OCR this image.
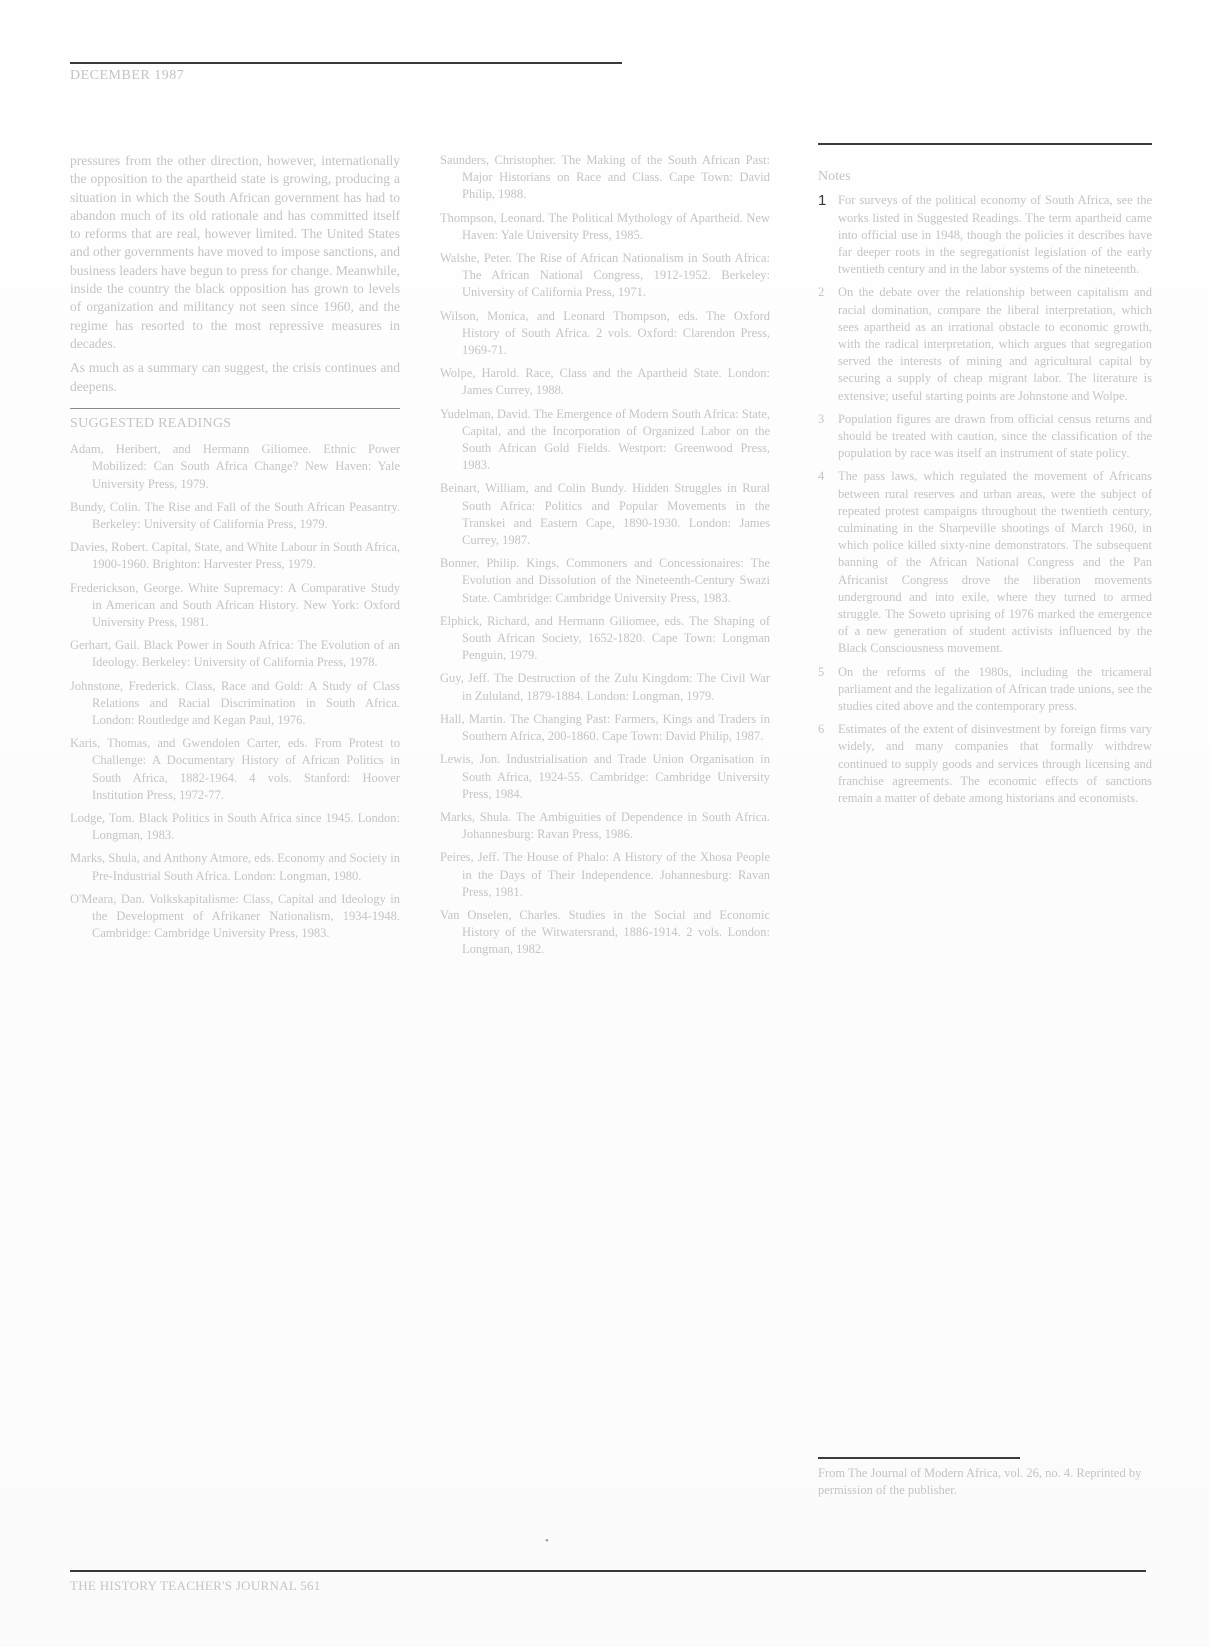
DECEMBER 1987

pressures from the other direction, however, internationally the opposition to the apartheid state is growing, producing a situation in which the South African government has had to abandon much of its old rationale and has committed itself to reforms that are real, however limited. The United States and other governments have moved to impose sanctions, and business leaders have begun to press for change. Meanwhile, inside the country the black opposition has grown to levels of organization and militancy not seen since 1960, and the regime has resorted to the most repressive measures in decades.

As much as a summary can suggest, the crisis continues and deepens.

SUGGESTED READINGS
Adam, Heribert, and Hermann Giliomee. Ethnic Power Mobilized: Can South Africa Change? New Haven: Yale University Press, 1979.
Bundy, Colin. The Rise and Fall of the South African Peasantry. Berkeley: University of California Press, 1979.
Davies, Robert. Capital, State, and White Labour in South Africa, 1900-1960. Brighton: Harvester Press, 1979.
Frederickson, George. White Supremacy: A Comparative Study in American and South African History. New York: Oxford University Press, 1981.
Gerhart, Gail. Black Power in South Africa: The Evolution of an Ideology. Berkeley: University of California Press, 1978.
Johnstone, Frederick. Class, Race and Gold: A Study of Class Relations and Racial Discrimination in South Africa. London: Routledge and Kegan Paul, 1976.
Karis, Thomas, and Gwendolen Carter, eds. From Protest to Challenge: A Documentary History of African Politics in South Africa, 1882-1964. 4 vols. Stanford: Hoover Institution Press, 1972-77.
Lodge, Tom. Black Politics in South Africa since 1945. London: Longman, 1983.
Marks, Shula, and Anthony Atmore, eds. Economy and Society in Pre-Industrial South Africa. London: Longman, 1980.
O'Meara, Dan. Volkskapitalisme: Class, Capital and Ideology in the Development of Afrikaner Nationalism, 1934-1948. Cambridge: Cambridge University Press, 1983.
Saunders, Christopher. The Making of the South African Past: Major Historians on Race and Class. Cape Town: David Philip, 1988.
Thompson, Leonard. The Political Mythology of Apartheid. New Haven: Yale University Press, 1985.
Walshe, Peter. The Rise of African Nationalism in South Africa: The African National Congress, 1912-1952. Berkeley: University of California Press, 1971.
Wilson, Monica, and Leonard Thompson, eds. The Oxford History of South Africa. 2 vols. Oxford: Clarendon Press, 1969-71.
Wolpe, Harold. Race, Class and the Apartheid State. London: James Currey, 1988.
Yudelman, David. The Emergence of Modern South Africa: State, Capital, and the Incorporation of Organized Labor on the South African Gold Fields. Westport: Greenwood Press, 1983.
Beinart, William, and Colin Bundy. Hidden Struggles in Rural South Africa: Politics and Popular Movements in the Transkei and Eastern Cape, 1890-1930. London: James Currey, 1987.
Bonner, Philip. Kings, Commoners and Concessionaires: The Evolution and Dissolution of the Nineteenth-Century Swazi State. Cambridge: Cambridge University Press, 1983.
Elphick, Richard, and Hermann Giliomee, eds. The Shaping of South African Society, 1652-1820. Cape Town: Longman Penguin, 1979.
Guy, Jeff. The Destruction of the Zulu Kingdom: The Civil War in Zululand, 1879-1884. London: Longman, 1979.
Hall, Martin. The Changing Past: Farmers, Kings and Traders in Southern Africa, 200-1860. Cape Town: David Philip, 1987.
Lewis, Jon. Industrialisation and Trade Union Organisation in South Africa, 1924-55. Cambridge: Cambridge University Press, 1984.
Marks, Shula. The Ambiguities of Dependence in South Africa. Johannesburg: Ravan Press, 1986.
Peires, Jeff. The House of Phalo: A History of the Xhosa People in the Days of Their Independence. Johannesburg: Ravan Press, 1981.
Van Onselen, Charles. Studies in the Social and Economic History of the Witwatersrand, 1886-1914. 2 vols. London: Longman, 1982.
Notes
1 For surveys of the political economy of South Africa, see the works listed in Suggested Readings. The term apartheid came into official use in 1948, though the policies it describes have far deeper roots in the segregationist legislation of the early twentieth century and in the labor systems of the nineteenth.
2 On the debate over the relationship between capitalism and racial domination, compare the liberal interpretation, which sees apartheid as an irrational obstacle to economic growth, with the radical interpretation, which argues that segregation served the interests of mining and agricultural capital by securing a supply of cheap migrant labor. The literature is extensive; useful starting points are Johnstone and Wolpe.
3 Population figures are drawn from official census returns and should be treated with caution, since the classification of the population by race was itself an instrument of state policy.
4 The pass laws, which regulated the movement of Africans between rural reserves and urban areas, were the subject of repeated protest campaigns throughout the twentieth century, culminating in the Sharpeville shootings of March 1960, in which police killed sixty-nine demonstrators. The subsequent banning of the African National Congress and the Pan Africanist Congress drove the liberation movements underground and into exile, where they turned to armed struggle. The Soweto uprising of 1976 marked the emergence of a new generation of student activists influenced by the Black Consciousness movement.
5 On the reforms of the 1980s, including the tricameral parliament and the legalization of African trade unions, see the studies cited above and the contemporary press.
6 Estimates of the extent of disinvestment by foreign firms vary widely, and many companies that formally withdrew continued to supply goods and services through licensing and franchise agreements. The economic effects of sanctions remain a matter of debate among historians and economists.
From The Journal of Modern Africa, vol. 26, no. 4. Reprinted by permission of the publisher.
•
THE HISTORY TEACHER'S JOURNAL 561
